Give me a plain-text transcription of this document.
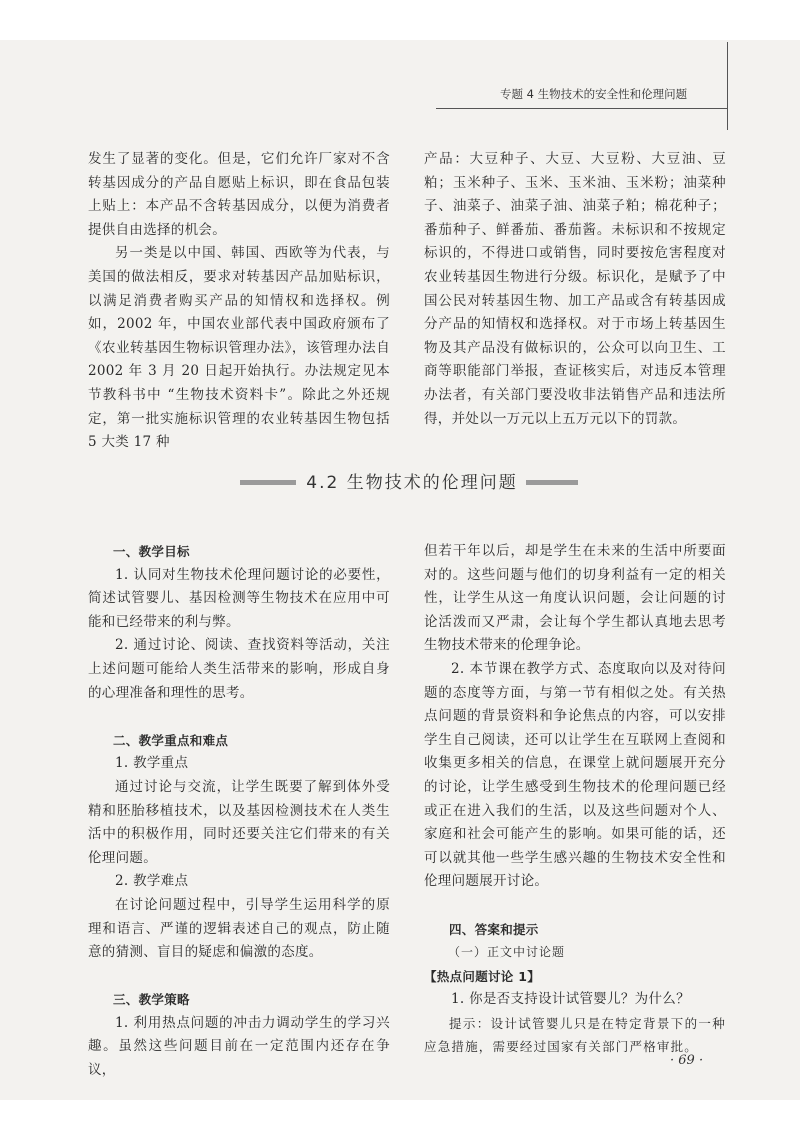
专题 4 生物技术的安全性和伦理问题

发生了显著的变化。但是，它们允许厂家对不含转基因成分的产品自愿贴上标识，即在食品包装上贴上：本产品不含转基因成分，以便为消费者提供自由选择的机会。

另一类是以中国、韩国、西欧等为代表，与美国的做法相反，要求对转基因产品加贴标识，以满足消费者购买产品的知情权和选择权。例如，2002 年，中国农业部代表中国政府颁布了《农业转基因生物标识管理办法》，该管理办法自 2002 年 3 月 20 日起开始执行。办法规定见本节教科书中 “生物技术资料卡”。除此之外还规定，第一批实施标识管理的农业转基因生物包括 5 大类 17 种

产品：大豆种子、大豆、大豆粉、大豆油、豆粕；玉米种子、玉米、玉米油、玉米粉；油菜种子、油菜子、油菜子油、油菜子粕；棉花种子；番茄种子、鲜番茄、番茄酱。未标识和不按规定标识的，不得进口或销售，同时要按危害程度对农业转基因生物进行分级。标识化，是赋予了中国公民对转基因生物、加工产品或含有转基因成分产品的知情权和选择权。对于市场上转基因生物及其产品没有做标识的，公众可以向卫生、工商等职能部门举报，查证核实后，对违反本管理办法者，有关部门要没收非法销售产品和违法所得，并处以一万元以上五万元以下的罚款。

4.2 生物技术的伦理问题

一、教学目标

1. 认同对生物技术伦理问题讨论的必要性，简述试管婴儿、基因检测等生物技术在应用中可能和已经带来的利与弊。

2. 通过讨论、阅读、查找资料等活动，关注上述问题可能给人类生活带来的影响，形成自身的心理准备和理性的思考。

二、教学重点和难点

1. 教学重点

通过讨论与交流，让学生既要了解到体外受精和胚胎移植技术，以及基因检测技术在人类生活中的积极作用，同时还要关注它们带来的有关伦理问题。

2. 教学难点

在讨论问题过程中，引导学生运用科学的原理和语言、严谨的逻辑表述自己的观点，防止随意的猜测、盲目的疑虑和偏激的态度。

三、教学策略

1. 利用热点问题的冲击力调动学生的学习兴趣。虽然这些问题目前在一定范围内还存在争议，

但若干年以后，却是学生在未来的生活中所要面对的。这些问题与他们的切身利益有一定的相关性，让学生从这一角度认识问题，会让问题的讨论活泼而又严肃，会让每个学生都认真地去思考生物技术带来的伦理争论。

2. 本节课在教学方式、态度取向以及对待问题的态度等方面，与第一节有相似之处。有关热点问题的背景资料和争论焦点的内容，可以安排学生自己阅读，还可以让学生在互联网上查阅和收集更多相关的信息，在课堂上就问题展开充分的讨论，让学生感受到生物技术的伦理问题已经或正在进入我们的生活，以及这些问题对个人、家庭和社会可能产生的影响。如果可能的话，还可以就其他一些学生感兴趣的生物技术安全性和伦理问题展开讨论。

四、答案和提示

（一）正文中讨论题

【热点问题讨论 1】

1. 你是否支持设计试管婴儿？为什么？

提示：设计试管婴儿只是在特定背景下的一种应急措施，需要经过国家有关部门严格审批。

· 69 ·
